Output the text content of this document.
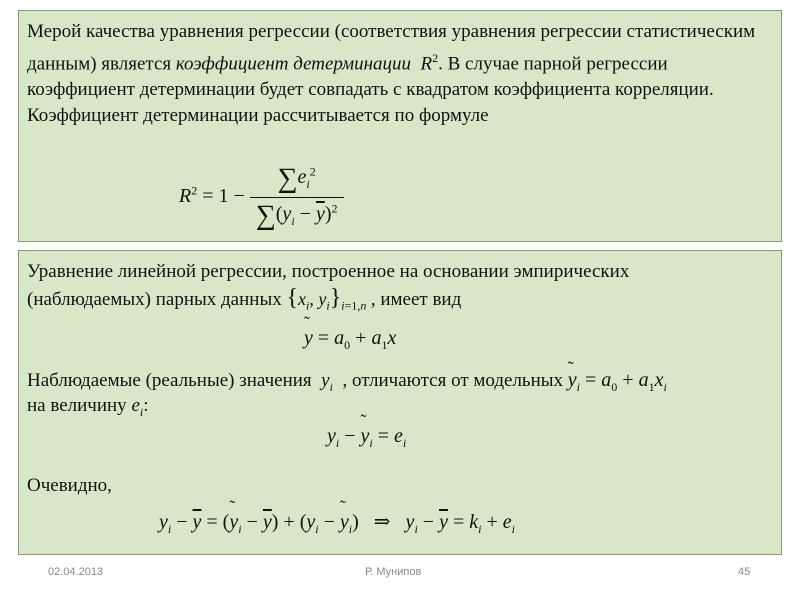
Мерой качества уравнения регрессии (соответствия уравнения регрессии статистическим данным) является коэффициент детерминации $R^2$. В случае парной регрессии коэффициент детерминации будет совпадать с квадратом коэффициента корреляции. Коэффициент детерминации рассчитывается по формуле

$R^2 = 1 - \frac{\sum e_i^2}{\sum(y_i - \overline{y})^2}$

Уравнение линейной регрессии, построенное на основании эмпирических

(наблюдаемых) парных данных {$x_i$, $y_i\}_{i=1,n}$ , имеет вид

˜ $y = a_0 + a_1x$

Наблюдаемые (реальные) значения $y_i$ , отличаются от модельных ˜ $y_i = a_0 + a_1x_i$

на величину $e_i$:

$y_i$ − ˜ $y_i = e_i$

Очевидно,

$y_i - \overline{y}$ = (˜ $y_i - \overline{y}) + (y_i$ − ˜ $y_i$)   ⇒   $y_i - \overline{y} = k_i + e_i$
02.04.2013	Р. Мунипов	45
